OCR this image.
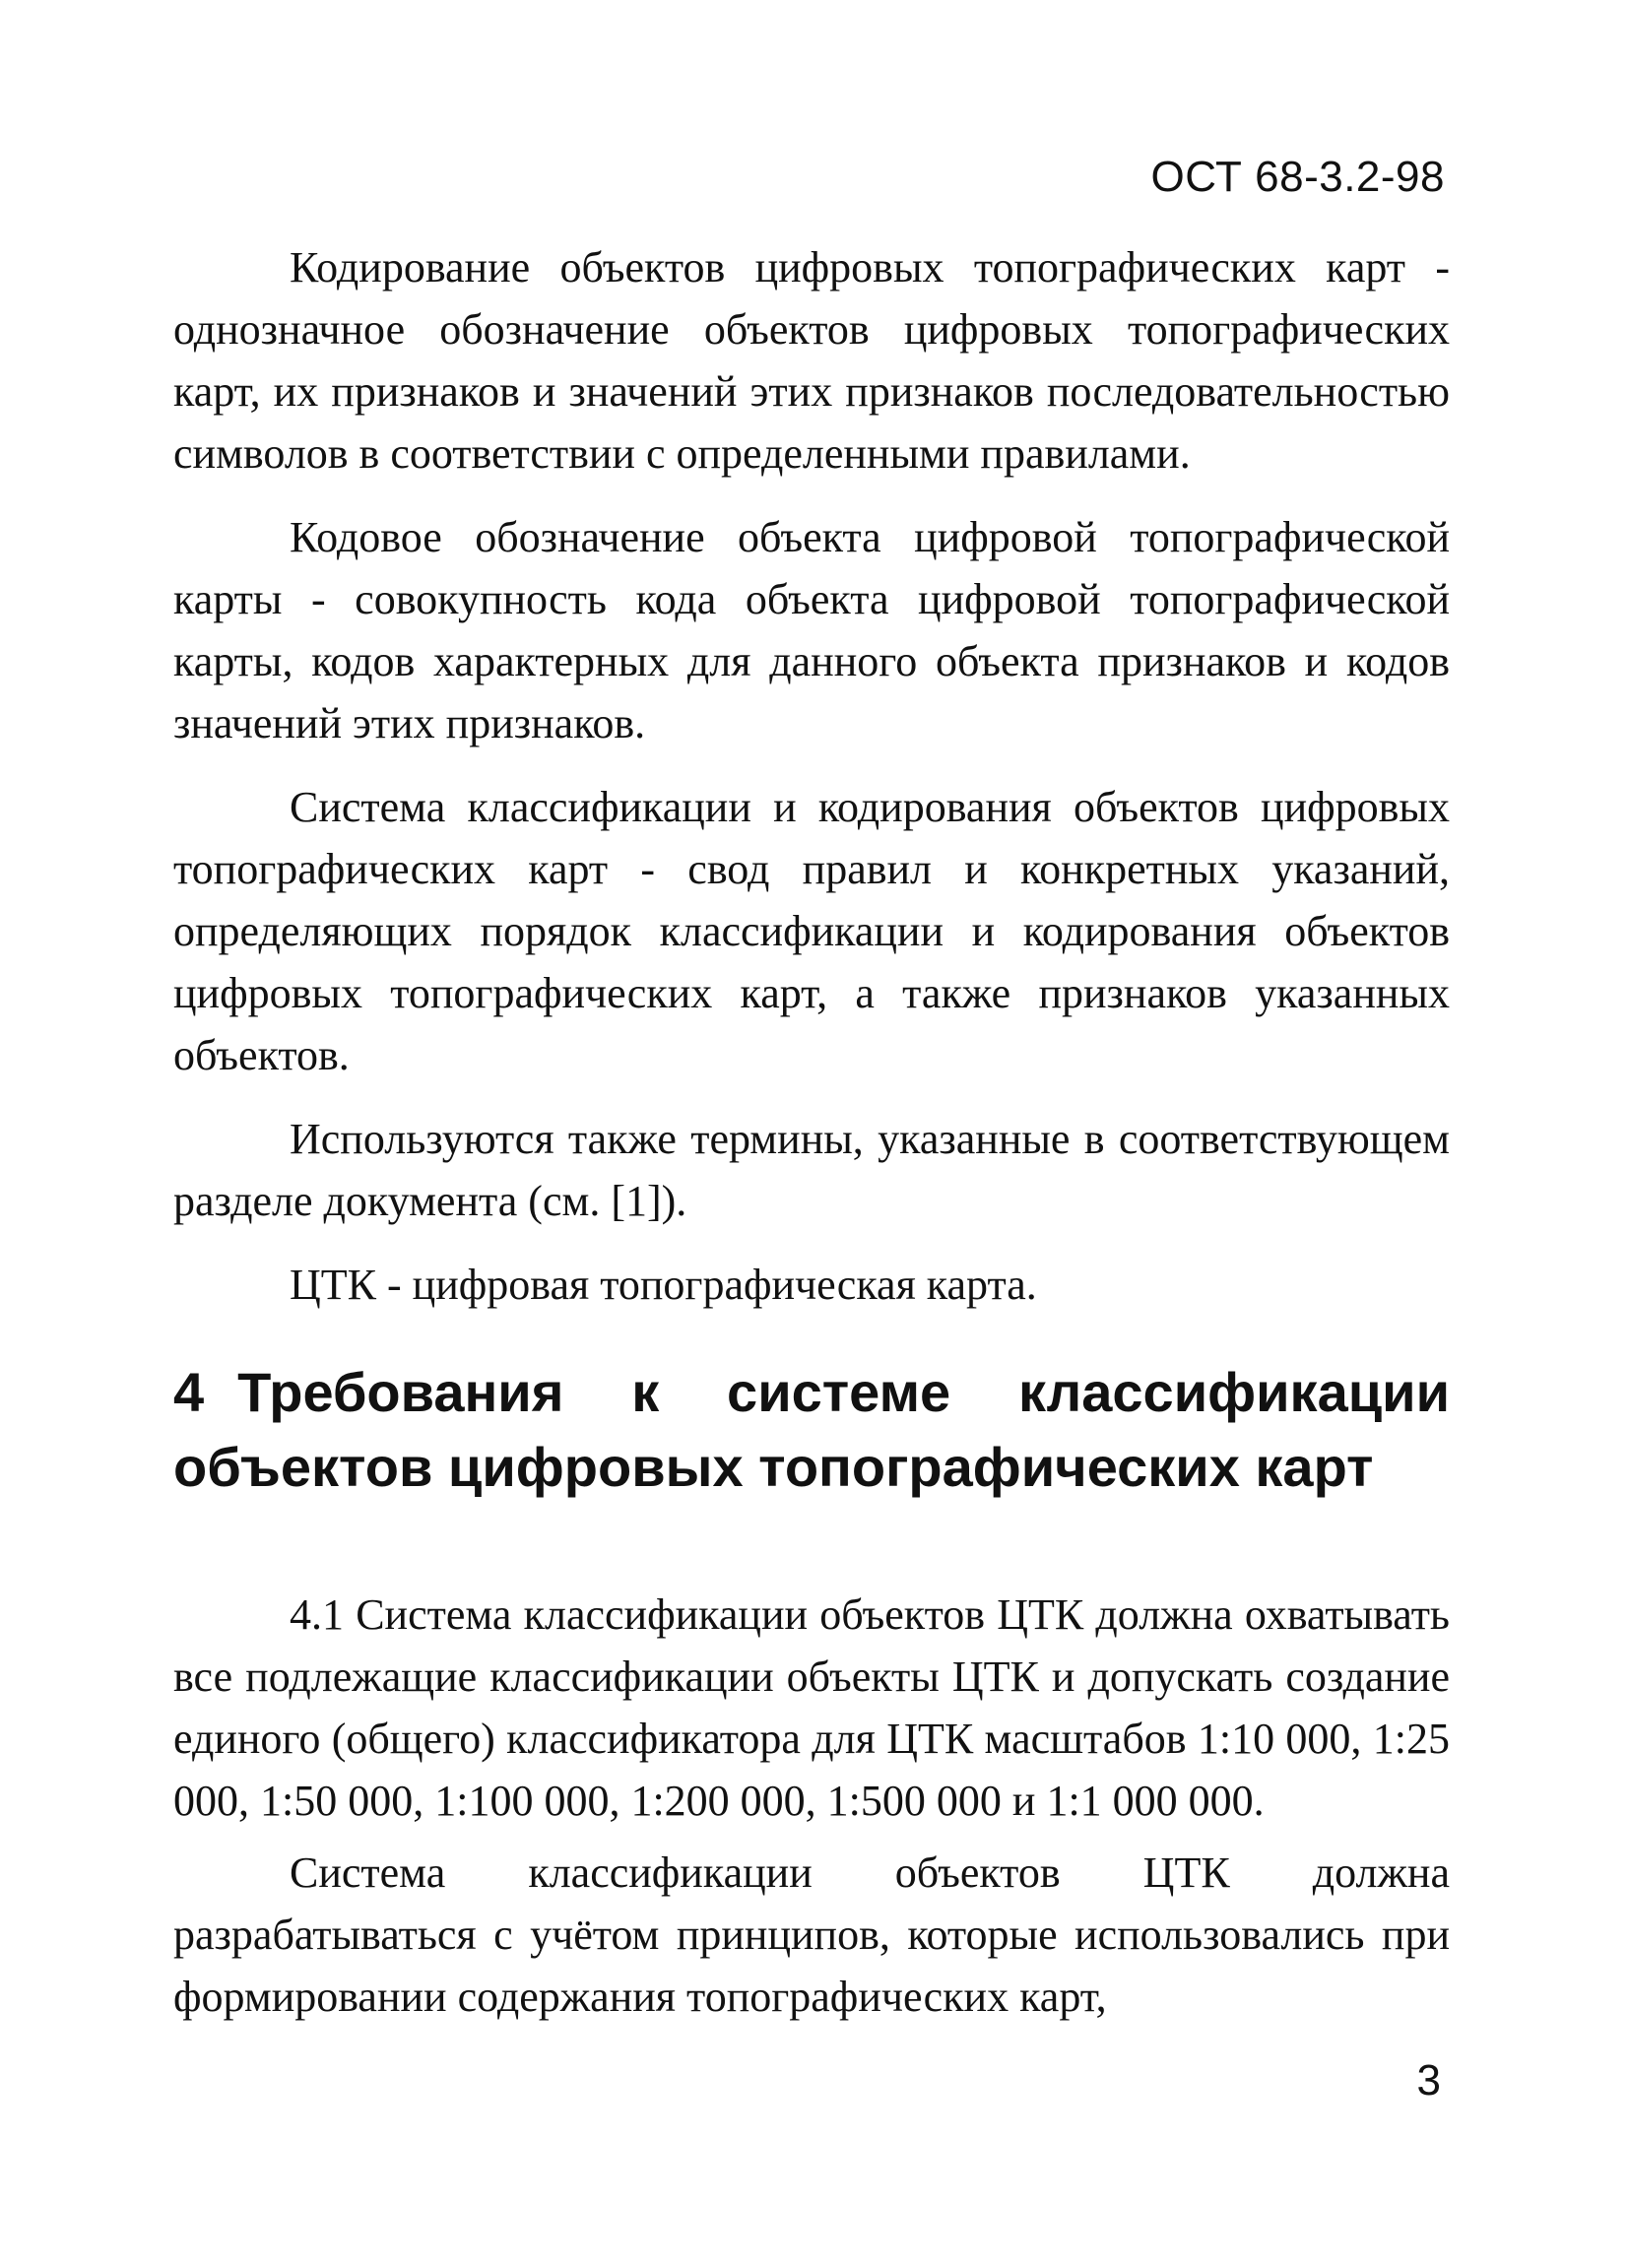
ОСТ 68-3.2-98

Кодирование объектов цифровых топографических карт - однозначное обозначение объектов цифровых топографических карт, их признаков и значений этих признаков последовательностью символов в соответствии с определенными правилами.

Кодовое обозначение объекта цифровой топографической карты - совокупность кода объекта цифровой топографической карты, кодов характерных для данного объекта признаков и кодов значений этих признаков.

Система классификации и кодирования объектов цифровых топографических карт - свод правил и конкретных указаний, определяющих порядок классификации и кодирования объектов цифровых топографических карт, а также признаков указанных объектов.

Используются также термины, указанные в соответствующем разделе документа (см. [1]).

ЦТК - цифровая топографическая карта.

4 Требования к системе классификации объектов цифровых топографических карт

4.1 Система классификации объектов ЦТК должна охватывать все подлежащие классификации объекты ЦТК и допускать создание единого (общего) классификатора для ЦТК масштабов 1:10 000, 1:25 000, 1:50 000, 1:100 000, 1:200 000, 1:500 000 и 1:1 000 000.

Система классификации объектов ЦТК должна разрабатываться с учётом принципов, которые использовались при формировании содержания топографических карт,

3
